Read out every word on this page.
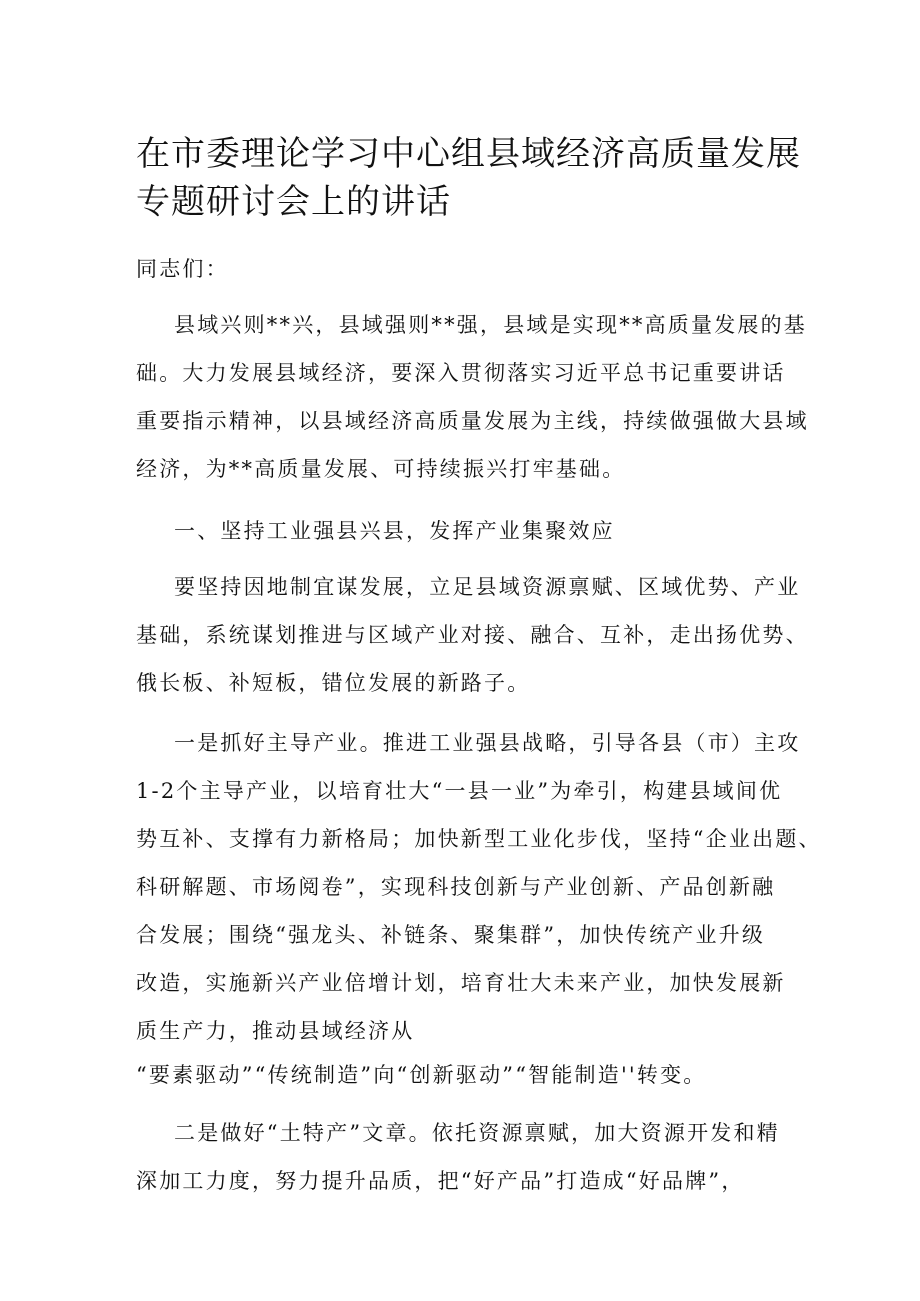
在市委理论学习中心组县域经济高质量发展
专题研讨会上的讲话
同志们：
县域兴则**兴，县域强则**强，县域是实现**高质量发展的基
础。大力发展县域经济，要深入贯彻落实习近平总书记重要讲话
重要指示精神，以县域经济高质量发展为主线，持续做强做大县域
经济，为**高质量发展、可持续振兴打牢基础。
一、坚持工业强县兴县，发挥产业集聚效应
要坚持因地制宜谋发展，立足县域资源禀赋、区域优势、产业
基础，系统谋划推进与区域产业对接、融合、互补，走出扬优势、
俄长板、补短板，错位发展的新路子。
一是抓好主导产业。推进工业强县战略，引导各县（市）主攻
1-2个主导产业，以培育壮大“一县一业”为牵引，构建县域间优
势互补、支撑有力新格局；加快新型工业化步伐，坚持“企业出题、
科研解题、市场阅卷”，实现科技创新与产业创新、产品创新融
合发展；围绕“强龙头、补链条、聚集群”，加快传统产业升级
改造，实施新兴产业倍增计划，培育壮大未来产业，加快发展新
质生产力，推动县域经济从
“要素驱动”“传统制造”向“创新驱动”“智能制造''转变。
二是做好“土特产”文章。依托资源禀赋，加大资源开发和精
深加工力度，努力提升品质，把“好产品”打造成“好品牌”，
